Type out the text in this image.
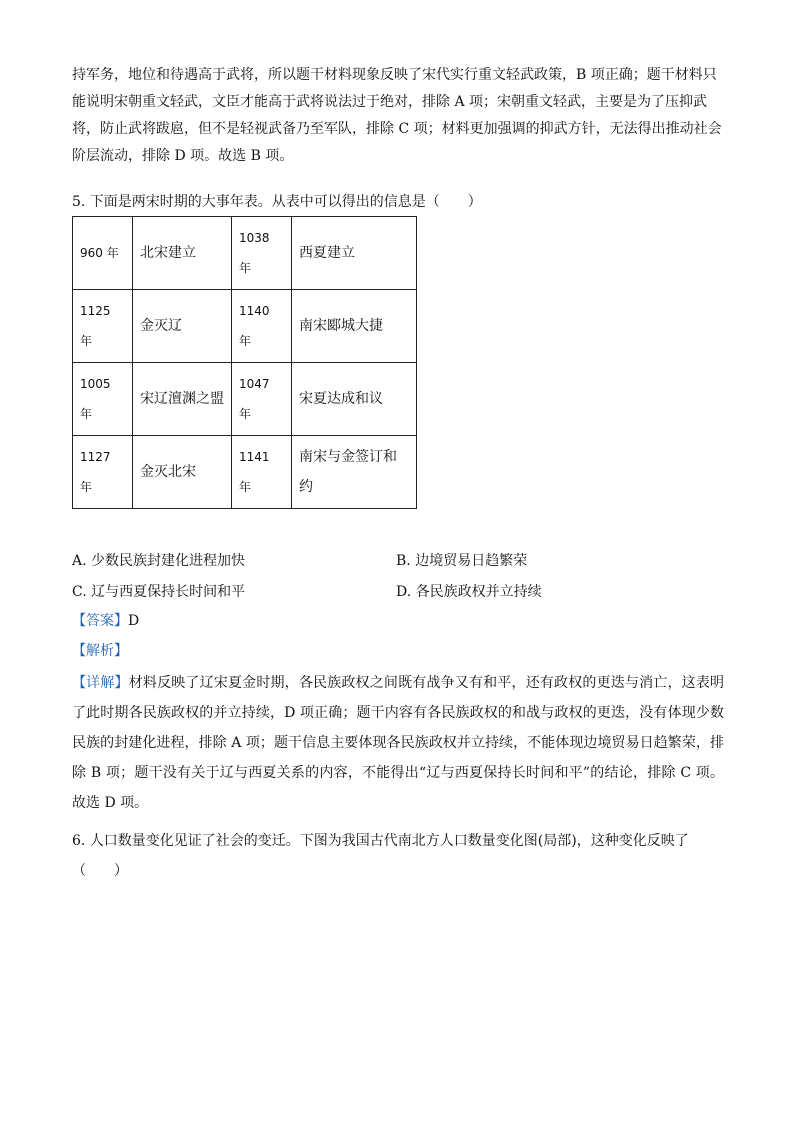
持军务，地位和待遇高于武将，所以题干材料现象反映了宋代实行重文轻武政策，B 项正确；题干材料只
能说明宋朝重文轻武，文臣才能高于武将说法过于绝对，排除 A 项；宋朝重文轻武，主要是为了压抑武
将，防止武将跋扈，但不是轻视武备乃至军队，排除 C 项；材料更加强调的抑武方针，无法得出推动社会
阶层流动，排除 D 项。故选 B 项。
5. 下面是两宋时期的大事年表。从表中可以得出的信息是（　　）
960 年	北宋建立	1038 年	西夏建立
1125 年	金灭辽	1140 年	南宋郾城大捷
1005 年	宋辽澶渊之盟	1047 年	宋夏达成和议
1127 年	金灭北宋	1141 年	南宋与金签订和约
A. 少数民族封建化进程加快	B. 边境贸易日趋繁荣
C. 辽与西夏保持长时间和平	D. 各民族政权并立持续
【答案】D
【解析】

【详解】材料反映了辽宋夏金时期，各民族政权之间既有战争又有和平，还有政权的更迭与消亡，这表明了此时期各民族政权的并立持续，D 项正确；题干内容有各民族政权的和战与政权的更迭，没有体现少数民族的封建化进程，排除 A 项；题干信息主要体现各民族政权并立持续，不能体现边境贸易日趋繁荣，排除 B 项；题干没有关于辽与西夏关系的内容，不能得出“辽与西夏保持长时间和平”的结论，排除 C 项。故选 D 项。

6. 人口数量变化见证了社会的变迁。下图为我国古代南北方人口数量变化图(局部)，这种变化反映了
（　　）
